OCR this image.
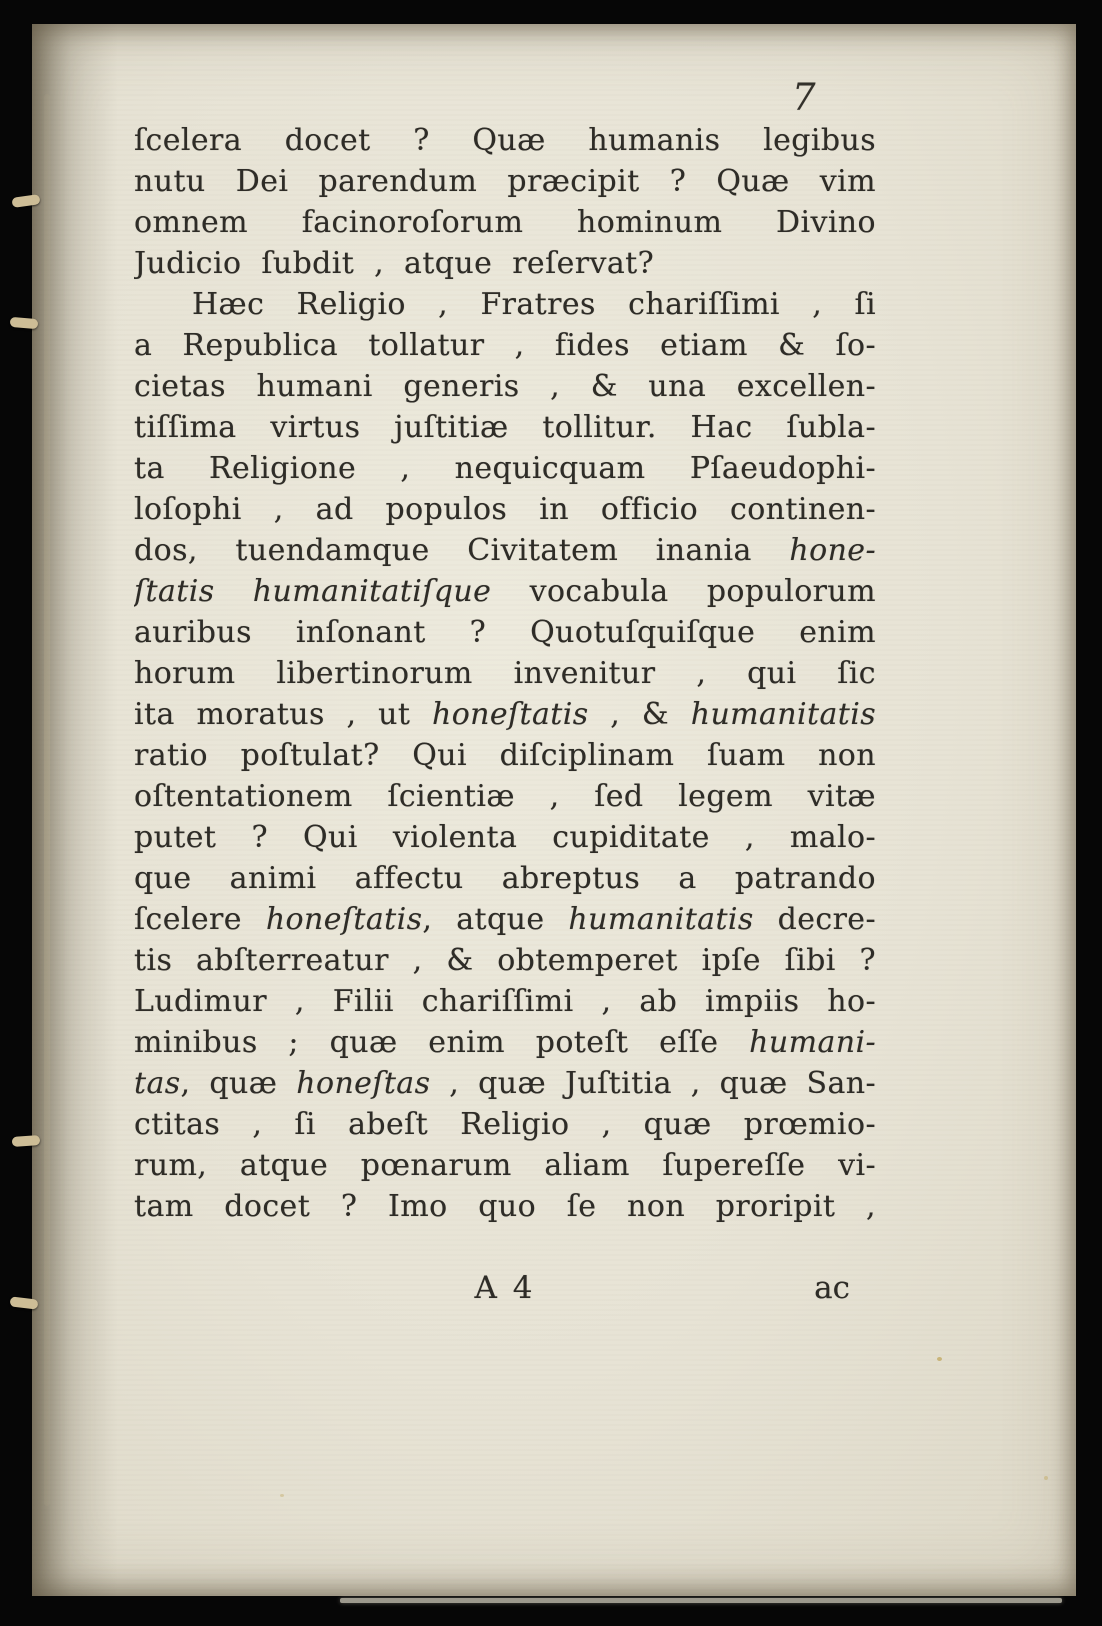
7
ſcelera docet ? Quæ humanis legibus
nutu Dei parendum præcipit ? Quæ vim
omnem facinoroſorum hominum Divino
Judicio ſubdit , atque reſervat?
Hæc Religio , Fratres chariſſimi , ſi
a Republica tollatur , fides etiam & ſo-
cietas humani generis , & una excellen-
tiſſima virtus juſtitiæ tollitur. Hac ſubla-
ta Religione , nequicquam Pſaeudophi-
loſophi , ad populos in officio continen-
dos, tuendamque Civitatem inania hone-
ſtatis humanitatiſque vocabula populorum
auribus inſonant ? Quotuſquiſque enim
horum libertinorum invenitur , qui ſic
ita moratus , ut honeſtatis , & humanitatis
ratio poſtulat? Qui diſciplinam ſuam non
oſtentationem ſcientiæ , ſed legem vitæ
putet ? Qui violenta cupiditate , malo-
que animi affectu abreptus a patrando
ſcelere honeſtatis, atque humanitatis decre-
tis abſterreatur , & obtemperet ipſe ſibi ?
Ludimur , Filii chariſſimi , ab impiis ho-
minibus ; quæ enim poteſt eſſe humani-
tas, quæ honeſtas , quæ Juſtitia , quæ San-
ctitas , ſi abeſt Religio , quæ prœmio-
rum, atque pœnarum aliam ſupereſſe vi-
tam docet ? Imo quo ſe non proripit ,
A 4	ac
